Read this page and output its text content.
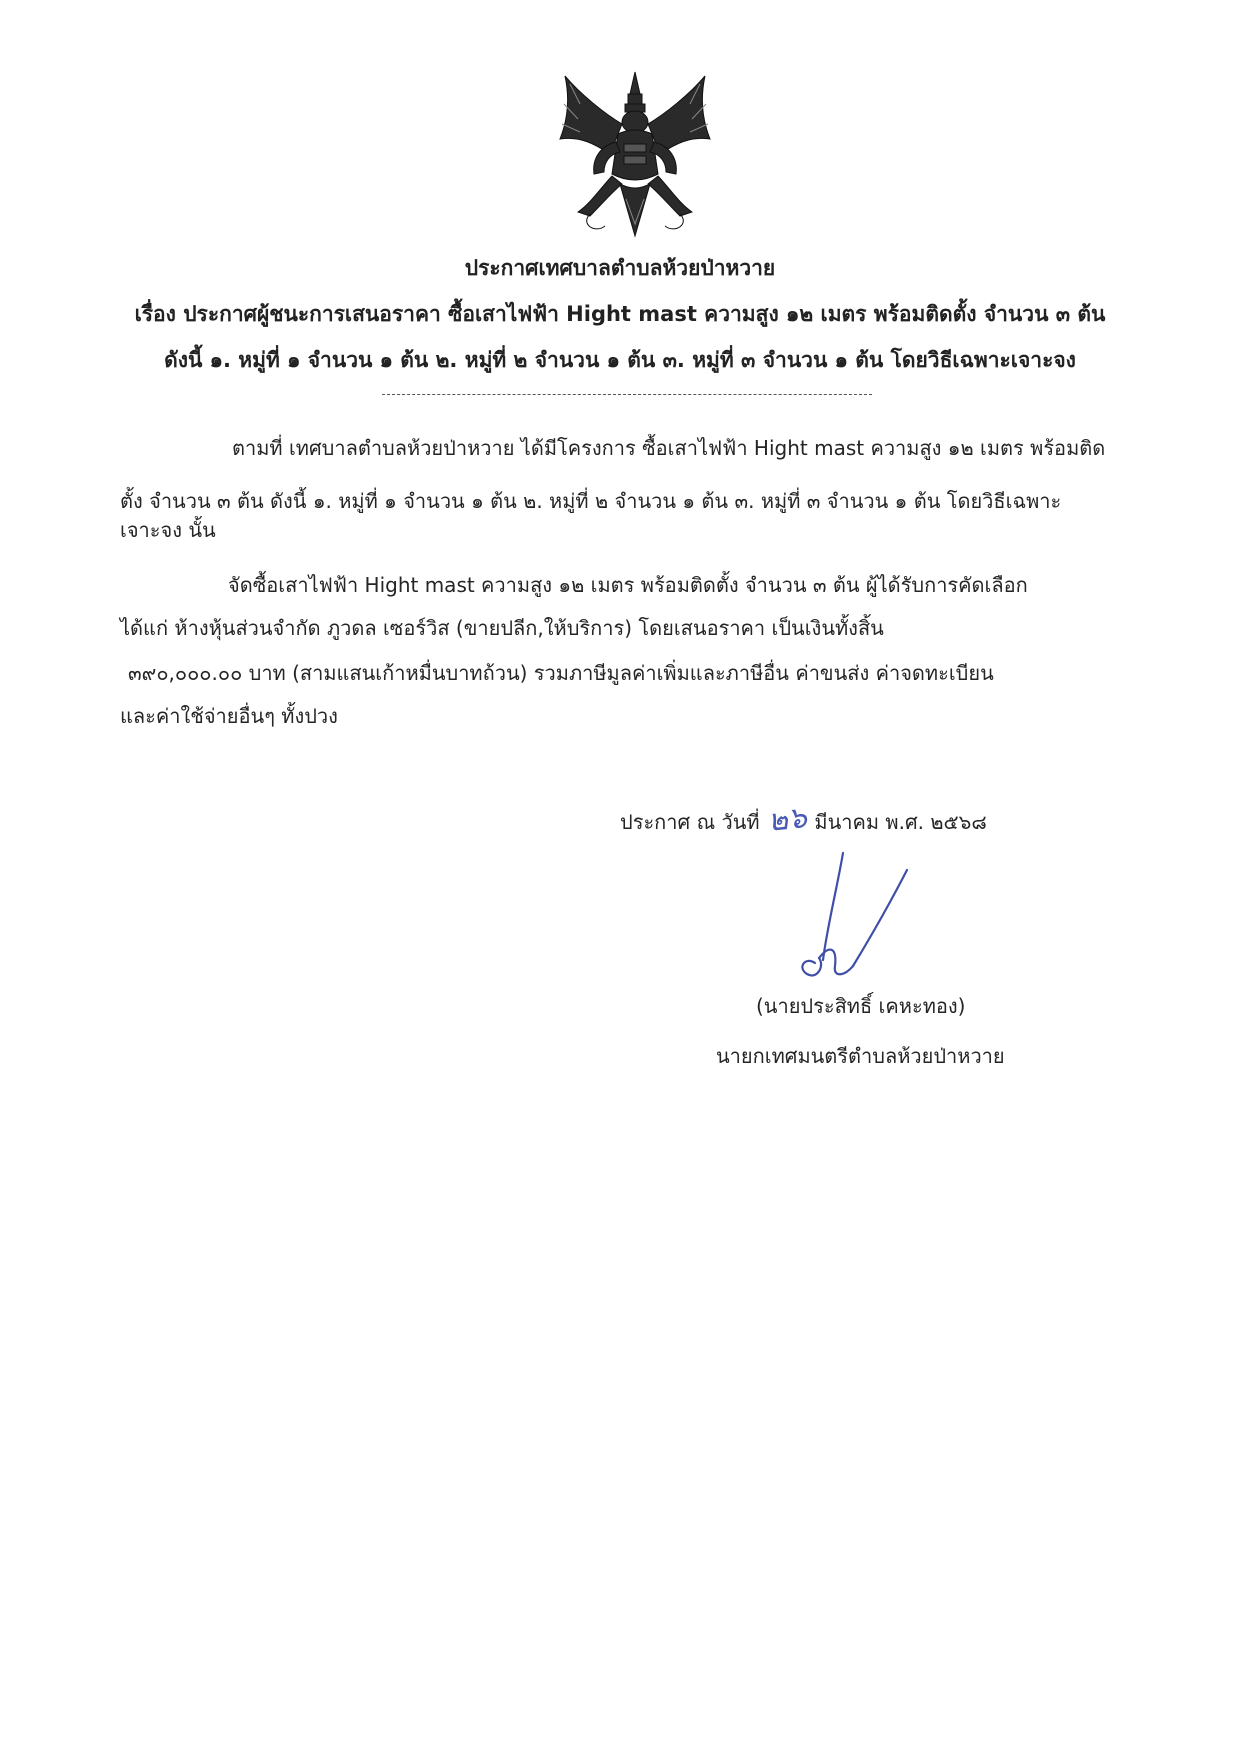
ประกาศเทศบาลตำบลห้วยป่าหวาย
เรื่อง ประกาศผู้ชนะการเสนอราคา ซื้อเสาไฟฟ้า Hight mast ความสูง ๑๒ เมตร พร้อมติดตั้ง จำนวน ๓ ต้น
ดังนี้ ๑. หมู่ที่ ๑ จำนวน ๑ ต้น ๒. หมู่ที่ ๒ จำนวน ๑ ต้น ๓. หมู่ที่ ๓ จำนวน ๑ ต้น โดยวิธีเฉพาะเจาะจง
ตามที่ เทศบาลตำบลห้วยป่าหวาย ได้มีโครงการ ซื้อเสาไฟฟ้า Hight mast ความสูง ๑๒ เมตร พร้อมติด
ตั้ง จำนวน ๓ ต้น ดังนี้ ๑. หมู่ที่ ๑ จำนวน ๑ ต้น ๒. หมู่ที่ ๒ จำนวน ๑ ต้น ๓. หมู่ที่ ๓ จำนวน ๑ ต้น โดยวิธีเฉพาะ
เจาะจง นั้น
จัดซื้อเสาไฟฟ้า Hight mast ความสูง ๑๒ เมตร พร้อมติดตั้ง จำนวน ๓ ต้น ผู้ได้รับการคัดเลือก
ได้แก่ ห้างหุ้นส่วนจำกัด ภูวดล เซอร์วิส (ขายปลีก,ให้บริการ) โดยเสนอราคา เป็นเงินทั้งสิ้น
๓๙๐,๐๐๐.๐๐ บาท (สามแสนเก้าหมื่นบาทถ้วน) รวมภาษีมูลค่าเพิ่มและภาษีอื่น ค่าขนส่ง ค่าจดทะเบียน
และค่าใช้จ่ายอื่นๆ ทั้งปวง
ประกาศ ณ วันที่ ๒๖ มีนาคม พ.ศ. ๒๕๖๘
(นายประสิทธิ์ เคหะทอง)
นายกเทศมนตรีตำบลห้วยป่าหวาย
